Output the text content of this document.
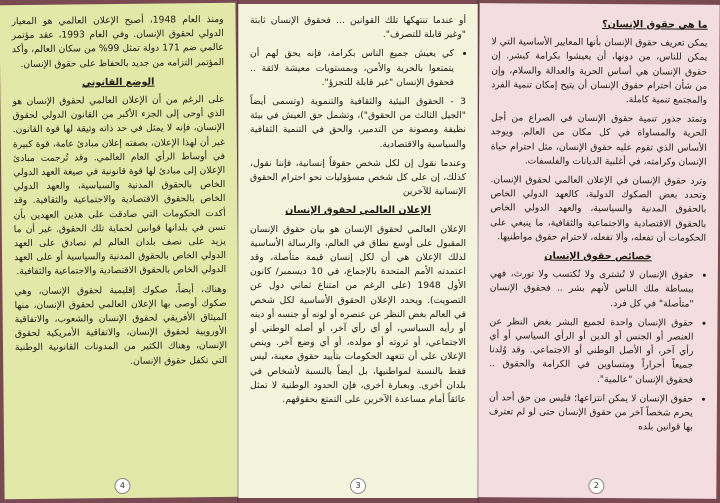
ومنذ العام 1948، أصبح الإعلان العالمي هو المعيار الدولي لحقوق الإنسان. وفي العام 1993، عقد مؤتمر عالمي ضم 171 دولة تمثل 99% من سكان العالم، وأكد المؤتمر التزامه من جديد بالحفاظ على حقوق الإنسان.

الوضع القانوني

على الرغم من أن الإعلان العالمي لحقوق الإنسان هو الذي أوحى إلى الجزء الأكبر من القانون الدولي لحقوق الإنسان، فإنه لا يمثل في حد ذاته وثيقة لها قوة القانون. غير أن لهذا الإعلان، بصفته إعلان مبادئ عامة، قوة كبيرة في أوساط الرأي العام العالمي. وقد تُرجمت مبادئ الإعلان إلى مبادئ لها قوة قانونية في صيغة العهد الدولي الخاص بالحقوق المدنية والسياسية، والعهد الدولي الخاص بالحقوق الاقتصادية والاجتماعية والثقافية. وقد أكدت الحكومات التي صادقت على هذين العهدين بأن تسن في بلدانها قوانين لحماية تلك الحقوق. غير أن ما يزيد على نصف بلدان العالم لم تصادق على العهد الدولي الخاص بالحقوق المدنية والسياسية أو على العهد الدولي الخاص بالحقوق الاقتصادية والاجتماعية والثقافية.

وهناك، أيضاً، صكوك إقليمية لحقوق الإنسان، وهي صكوك أوصى بها الإعلان العالمي لحقوق الإنسان، منها الميثاق الأفريقي لحقوق الإنسان والشعوب، والاتفاقية الأوروبية لحقوق الإنسان، والاتفاقية الأمريكية لحقوق الإنسان، وهناك الكثير من المدونات القانونية الوطنية التي تكفل حقوق الإنسان.

4

أو عندما تنتهكها تلك القوانين ... فحقوق الإنسان ثابتة "وغير قابلة للتصرف".

• كي يعيش جميع الناس بكرامة، فإنه يحق لهم أن يتمتعوا بالحرية والأمن، وبمستويات معيشة لائقة .. فحقوق الإنسان "غير قابلة للتجزؤ".

3 - الحقوق البيئية والثقافية والتنموية (وتسمى أيضاً "الجيل الثالث من الحقوق")، وتشمل حق العيش في بيئة نظيفة ومصونة من التدمير، والحق في التنمية الثقافية والسياسية والاقتصادية.

وعندما نقول إن لكل شخص حقوقاً إنسانية، فإننا نقول، كذلك، إن على كل شخص مسؤوليات نحو احترام الحقوق الإنسانية للآخرين

الإعلان العالمي لحقوق الإنسان

الإعلان العالمي لحقوق الإنسان هو بيان حقوق الإنسان المقبول على أوسع نطاق في العالم، والرسالة الأساسية لذلك الإعلان هي أن لكل إنسان قيمة متأصلة، وقد اعتمدته الأمم المتحدة بالإجماع، في 10 ديسمبر/ كانون الأول 1948 (على الرغم من امتناع ثماني دول عن التصويت). ويحدد الإعلان الحقوق الأساسية لكل شخص في العالم بغض النظر عن عنصره أو لونه أو جنسه أو دينه أو رأيه السياسي، أو أي رأي آخر، أو أصله الوطني أو الاجتماعي، أو ثروته أو مولده، أو أي وضع آخر. وينص الإعلان على أن تتعهد الحكومات بتأييد حقوق معينة، ليس فقط بالنسبة لمواطنيها، بل أيضاً بالنسبة لأشخاص في بلدان أخرى. وبعبارة أخرى، فإن الحدود الوطنية لا تمثل عائقاً أمام مساعدة الآخرين على التمتع بحقوقهم.

3
ما هي حقوق الإنسان؟

يمكن تعريف حقوق الإنسان بأنها المعايير الأساسية التي لا يمكن للناس، من دونها، أن يعيشوا بكرامة كبشر. إن حقوق الإنسان هي أساس الحرية والعدالة والسلام، وإن من شأن احترام حقوق الإنسان أن يتيح إمكان تنمية الفرد والمجتمع تنمية كاملة.

وتمتد جذور تنمية حقوق الإنسان في الصراع من أجل الحرية والمساواة في كل مكان من العالم. ويوجد الأساس الذي تقوم عليه حقوق الإنسان، مثل احترام حياة الإنسان وكرامته، في أغلبية الديانات والفلسفات.

وترد حقوق الإنسان في الإعلان العالمي لحقوق الإنسان. وتحدد بعض الصكوك الدولية، كالعهد الدولي الخاص بالحقوق المدنية والسياسية، والعهد الدولي الخاص بالحقوق الاقتصادية والاجتماعية والثقافية، ما ينبغي على الحكومات أن تفعله، وألا تفعله، لاحترام حقوق مواطنيها.

خصائص حقوق الإنسان
• حقوق الإنسان لا تُشترى ولا تُكتسب ولا تورث، فهي ببساطة ملك الناس لأنهم بشر .. فحقوق الإنسان "متأصلة" في كل فرد.
• حقوق الإنسان واحدة لجميع البشر بغض النظر عن العنصر أو الجنس أو الدين أو الرأي السياسي أو أي رأي آخر، أو الأصل الوطني أو الاجتماعي. وقد وُلدنا جميعاً أحراراً ومتساوين في الكرامة والحقوق .. فحقوق الإنسان "عالمية".
• حقوق الإنسان لا يمكن انتزاعها؛ فليس من حق أحد أن يحرم شخصاً آخر من حقوق الإنسان حتى لو لم تعترف بها قوانين بلده
2
